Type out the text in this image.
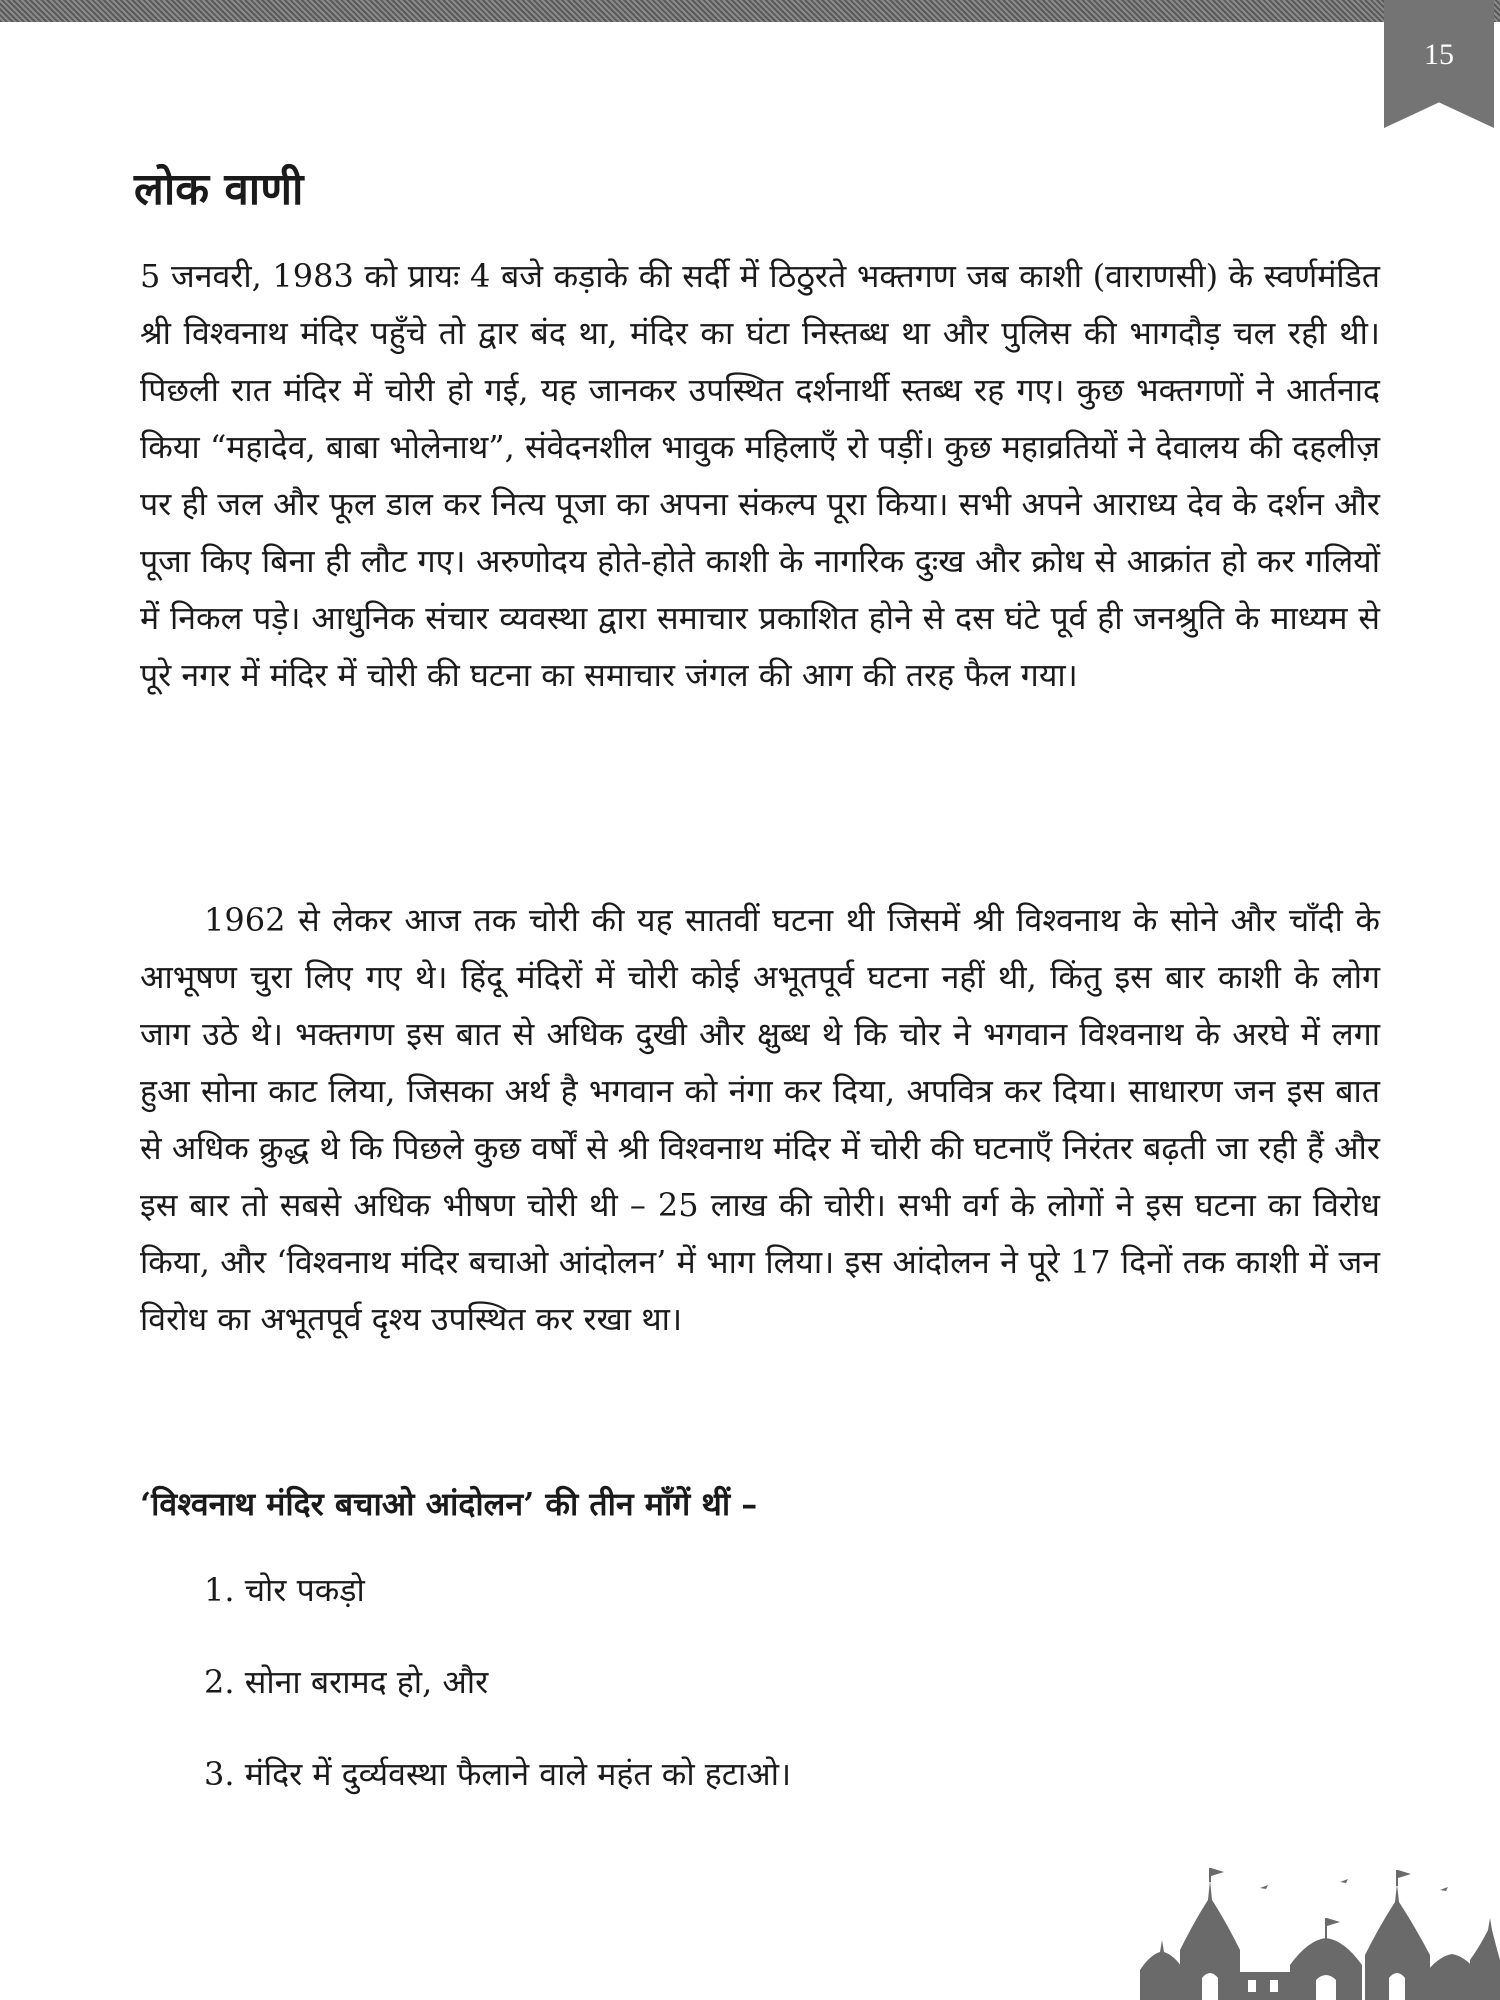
15
लोक वाणी

5 जनवरी, 1983 को प्रायः 4 बजे कड़ाके की सर्दी में ठिठुरते भक्तगण जब काशी (वाराणसी) के स्वर्णमंडित श्री विश्वनाथ मंदिर पहुँचे तो द्वार बंद था, मंदिर का घंटा निस्तब्ध था और पुलिस की भागदौड़ चल रही थी। पिछली रात मंदिर में चोरी हो गई, यह जानकर उपस्थित दर्शनार्थी स्तब्ध रह गए। कुछ भक्तगणों ने आर्तनाद किया “महादेव, बाबा भोलेनाथ”, संवेदनशील भावुक महिलाएँ रो पड़ीं। कुछ महाव्रतियों ने देवालय की दहलीज़ पर ही जल और फूल डाल कर नित्य पूजा का अपना संकल्प पूरा किया। सभी अपने आराध्य देव के दर्शन और पूजा किए बिना ही लौट गए। अरुणोदय होते-होते काशी के नागरिक दुःख और क्रोध से आक्रांत हो कर गलियों में निकल पड़े। आधुनिक संचार व्यवस्था द्वारा समाचार प्रकाशित होने से दस घंटे पूर्व ही जनश्रुति के माध्यम से पूरे नगर में मंदिर में चोरी की घटना का समाचार जंगल की आग की तरह फैल गया।

1962 से लेकर आज तक चोरी की यह सातवीं घटना थी जिसमें श्री विश्वनाथ के सोने और चाँदी के आभूषण चुरा लिए गए थे। हिंदू मंदिरों में चोरी कोई अभूतपूर्व घटना नहीं थी, किंतु इस बार काशी के लोग जाग उठे थे। भक्तगण इस बात से अधिक दुखी और क्षुब्ध थे कि चोर ने भगवान विश्वनाथ के अरघे में लगा हुआ सोना काट लिया, जिसका अर्थ है भगवान को नंगा कर दिया, अपवित्र कर दिया। साधारण जन इस बात से अधिक क्रुद्ध थे कि पिछले कुछ वर्षों से श्री विश्वनाथ मंदिर में चोरी की घटनाएँ निरंतर बढ़ती जा रही हैं और इस बार तो सबसे अधिक भीषण चोरी थी – 25 लाख की चोरी। सभी वर्ग के लोगों ने इस घटना का विरोध किया, और ‘विश्वनाथ मंदिर बचाओ आंदोलन’ में भाग लिया। इस आंदोलन ने पूरे 17 दिनों तक काशी में जन विरोध का अभूतपूर्व दृश्य उपस्थित कर रखा था।

‘विश्वनाथ मंदिर बचाओ आंदोलन’ की तीन माँगें थीं –

1. चोर पकड़ो

2. सोना बरामद हो, और

3. मंदिर में दुर्व्यवस्था फैलाने वाले महंत को हटाओ।
